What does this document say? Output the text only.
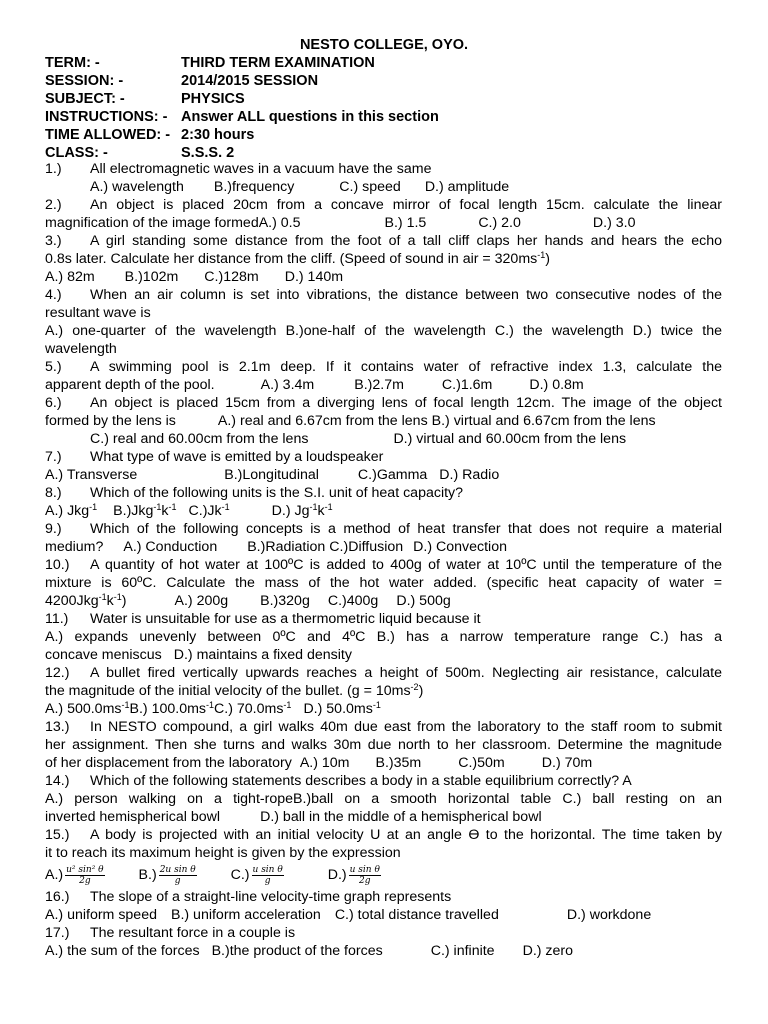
NESTO COLLEGE, OYO.
TERM: -	THIRD TERM EXAMINATION
SESSION: -	2014/2015 SESSION
SUBJECT: -	PHYSICS
INSTRUCTIONS: - Answer ALL questions in this section
TIME ALLOWED: - 2:30 hours
CLASS: -	S.S.S. 2
1.) All electromagnetic waves in a vacuum have the same
A.) wavelength B.)frequency	C.) speed D.) amplitude
2.) An object is placed 20cm from a concave mirror of focal length 15cm. calculate the linear
magnification of the image formedA.) 0.5	B.) 1.5	C.) 2.0	D.) 3.0
3.) A girl standing some distance from the foot of a tall cliff claps her hands and hears the echo
0.8s later. Calculate her distance from the cliff. (Speed of sound in air = $320ms^{-1}$)
A.) 82m B.)102m C.)128m D.) 140m
4.) When an air column is set into vibrations, the distance between two consecutive nodes of the
resultant wave is
A.) one-quarter of the wavelength B.)one-half of the wavelength C.) the wavelength D.) twice the
wavelength
5.) A swimming pool is 2.1m deep. If it contains water of refractive index 1.3, calculate the
apparent depth of the pool.	A.) 3.4m	B.)2.7m	C.)1.6m	D.) 0.8m
6.) An object is placed 15cm from a diverging lens of focal length 12cm. The image of the object
formed by the lens is	A.) real and 6.67cm from the lens B.) virtual and 6.67cm from the lens
C.) real and 60.00cm from the lens	D.) virtual and 60.00cm from the lens
7.) What type of wave is emitted by a loudspeaker
A.) Transverse	B.)Longitudinal	C.)Gamma D.) Radio
8.) Which of the following units is the S.I. unit of heat capacity?
A.) Jkg$^{-1}$ $B.)Jkg^{-1}k^{-1}$ $C.)Jk^{-1}$	D.) $Jg^{-1}k^{-1}$
9.) Which of the following concepts is a method of heat transfer that does not require a material
medium? A.) Conduction B.)Radiation C.)Diffusion D.) Convection
10.) A quantity of hot water at 100ºC is added to 400g of water at 10ºC until the temperature of the
mixture is 60ºC. Calculate the mass of the hot water added. (specific heat capacity of water =
$4200Jkg^{-1}k^{-1}$)	A.) 200g B.)320g C.)400g D.) 500g
11.) Water is unsuitable for use as a thermometric liquid because it
A.) expands unevenly between 0ºC and 4ºC B.) has a narrow temperature range C.) has a
concave meniscus D.) maintains a fixed density
12.) A bullet fired vertically upwards reaches a height of 500m. Neglecting air resistance, calculate
the magnitude of the initial velocity of the bullet. $(g = 10ms^{-2})$
A.) $500.0ms^{-1}B$.) $100.0ms^{-1}C$.) $70.0ms^{-1}$ D.) $50.0ms^{-1}$
13.) In NESTO compound, a girl walks 40m due east from the laboratory to the staff room to submit
her assignment. Then she turns and walks 30m due north to her classroom. Determine the magnitude
of her displacement from the laboratory A.) 10m B.)35m	C.)50m	D.) 70m
14.) Which of the following statements describes a body in a stable equilibrium correctly? A
A.) person walking on a tight-ropeB.)ball on a smooth horizontal table C.) ball resting on an
inverted hemispherical bowl	D.) ball in the middle of a hemispherical bowl
15.) A body is projected with an initial velocity U at an angle ϴ to the horizontal. The time taken by
it to reach its maximum height is given by the expression
$A.) \frac{\text{u² sin² θ}}{2g} B.) \frac{\text{2u sin θ}}{g} C.) \frac{\text{u sin θ}}{g}$	$D.) \frac{\text{u sin θ}}{2g}$
16.) The slope of a straight-line velocity-time graph represents
A.) uniform speed B.) uniform acceleration C.) total distance travelled	D.) workdone
17.) The resultant force in a couple is
A.) the sum of the forces B.)the product of the forces	C.) infinite D.) zero
